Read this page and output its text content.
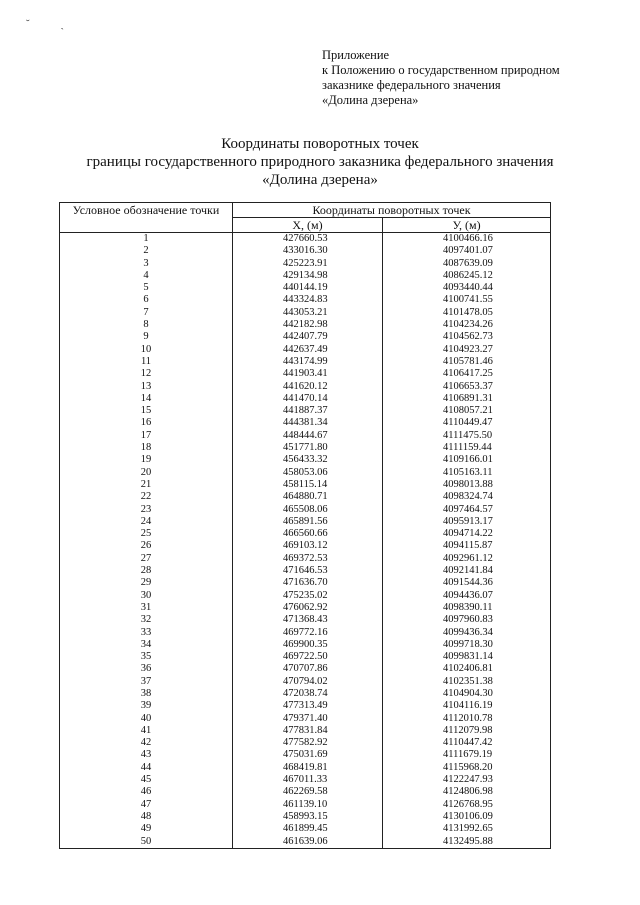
˘ ˎ
Приложение
к Положению о государственном природном
заказнике федерального значения
«Долина дзерена»
Координаты поворотных точек
границы государственного природного заказника федерального значения
«Долина дзерена»
Условное обозначение точки	Координаты поворотных точек	
	Х, (м)	У, (м)
1	427660.53	4100466.16
2	433016.30	4097401.07
3	425223.91	4087639.09
4	429134.98	4086245.12
5	440144.19	4093440.44
6	443324.83	4100741.55
7	443053.21	4101478.05
8	442182.98	4104234.26
9	442407.79	4104562.73
10	442637.49	4104923.27
11	443174.99	4105781.46
12	441903.41	4106417.25
13	441620.12	4106653.37
14	441470.14	4106891.31
15	441887.37	4108057.21
16	444381.34	4110449.47
17	448444.67	4111475.50
18	451771.80	4111159.44
19	456433.32	4109166.01
20	458053.06	4105163.11
21	458115.14	4098013.88
22	464880.71	4098324.74
23	465508.06	4097464.57
24	465891.56	4095913.17
25	466560.66	4094714.22
26	469103.12	4094115.87
27	469372.53	4092961.12
28	471646.53	4092141.84
29	471636.70	4091544.36
30	475235.02	4094436.07
31	476062.92	4098390.11
32	471368.43	4097960.83
33	469772.16	4099436.34
34	469900.35	4099718.30
35	469722.50	4099831.14
36	470707.86	4102406.81
37	470794.02	4102351.38
38	472038.74	4104904.30
39	477313.49	4104116.19
40	479371.40	4112010.78
41	477831.84	4112079.98
42	477582.92	4110447.42
43	475031.69	4111679.19
44	468419.81	4115968.20
45	467011.33	4122247.93
46	462269.58	4124806.98
47	461139.10	4126768.95
48	458993.15	4130106.09
49	461899.45	4131992.65
50	461639.06	4132495.88
